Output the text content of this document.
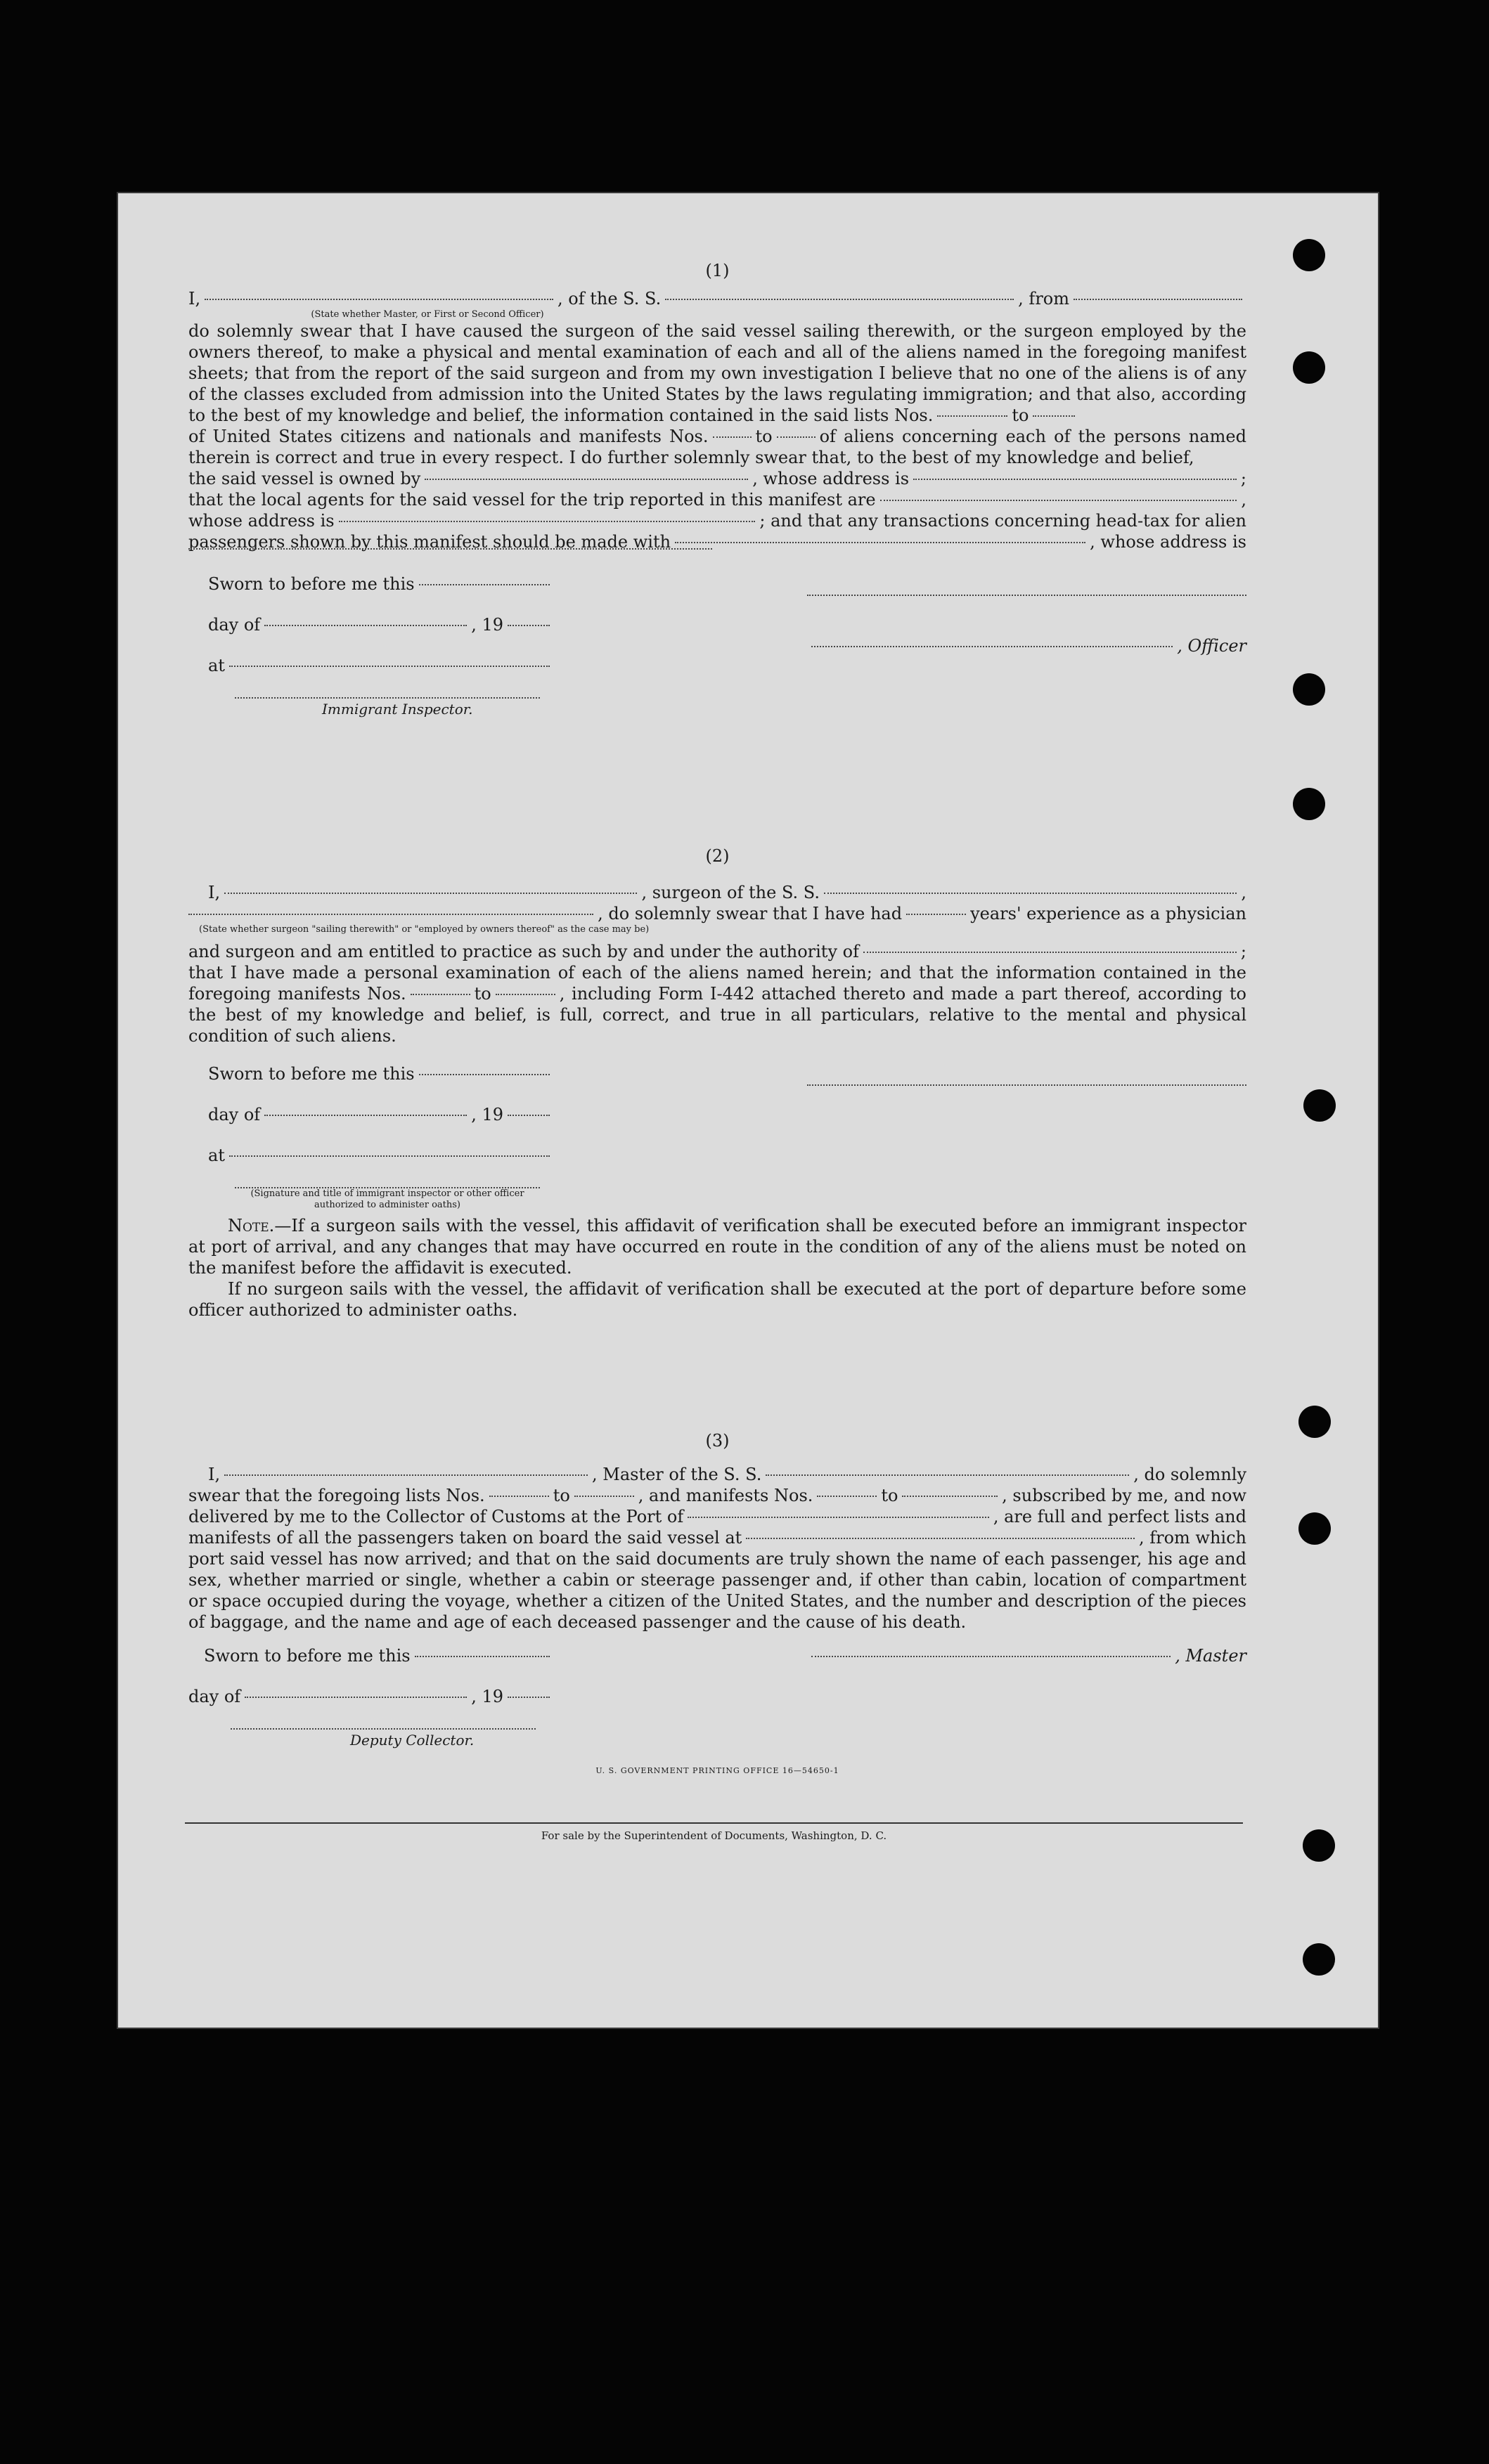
(1)
I,	, of the S. S.	, from
(State whether Master, or First or Second Officer)

do solemnly swear that I have caused the surgeon of the said vessel sailing therewith, or the surgeon employed by the owners thereof, to make a physical and mental examination of each and all of the aliens named in the foregoing manifest sheets; that from the report of the said surgeon and from my own investigation I believe that no one of the aliens is of any of the classes excluded from admission into the United States by the laws regulating immigration; and that also, according to the best of my knowledge and belief, the information contained in the said lists Nos.	to

of United States citizens and nationals and manifests Nos.	to	of aliens concerning each of the persons named therein is correct and true in every respect. I do further solemnly swear that, to the best of my knowledge and belief,

the said vessel is owned by	, whose address is	;
that the local agents for the said vessel for the trip reported in this manifest are	,
whose address is	; and that any transactions concerning head-tax for alien
passengers shown by this manifest should be made with	, whose address is
Sworn to before me this
day of	, 19
at
Immigrant Inspector.
, Officer
(2)
I,	, surgeon of the S. S.	,
, do solemnly swear that I have had	years' experience as a physician
(State whether surgeon "sailing therewith" or "employed by owners thereof" as the case may be)
and surgeon and am entitled to practice as such by and under the authority of	;

that I have made a personal examination of each of the aliens named herein; and that the information contained in the foregoing manifests Nos.	to	, including Form I-442 attached thereto and made a part thereof, according to the best of my knowledge and belief, is full, correct, and true in all particulars, relative to the mental and physical condition of such aliens.

Sworn to before me this
day of	, 19
at
(Signature and title of immigrant inspector or other officer authorized to administer oaths)

Note.—If a surgeon sails with the vessel, this affidavit of verification shall be executed before an immigrant inspector at port of arrival, and any changes that may have occurred en route in the condition of any of the aliens must be noted on the manifest before the affidavit is executed.

If no surgeon sails with the vessel, the affidavit of verification shall be executed at the port of departure before some officer authorized to administer oaths.

(3)
I,	, Master of the S. S.	, do solemnly
swear that the foregoing lists Nos.	to	, and manifests Nos.	to	, subscribed by me, and now
delivered by me to the Collector of Customs at the Port of	, are full and perfect lists and
manifests of all the passengers taken on board the said vessel at	, from which

port said vessel has now arrived; and that on the said documents are truly shown the name of each passenger, his age and sex, whether married or single, whether a cabin or steerage passenger and, if other than cabin, location of compartment or space occupied during the voyage, whether a citizen of the United States, and the number and description of the pieces of baggage, and the name and age of each deceased passenger and the cause of his death.

Sworn to before me this
day of	, 19
Deputy Collector.
, Master
U. S. GOVERNMENT PRINTING OFFICE 16—54650-1
For sale by the Superintendent of Documents, Washington, D. C.
